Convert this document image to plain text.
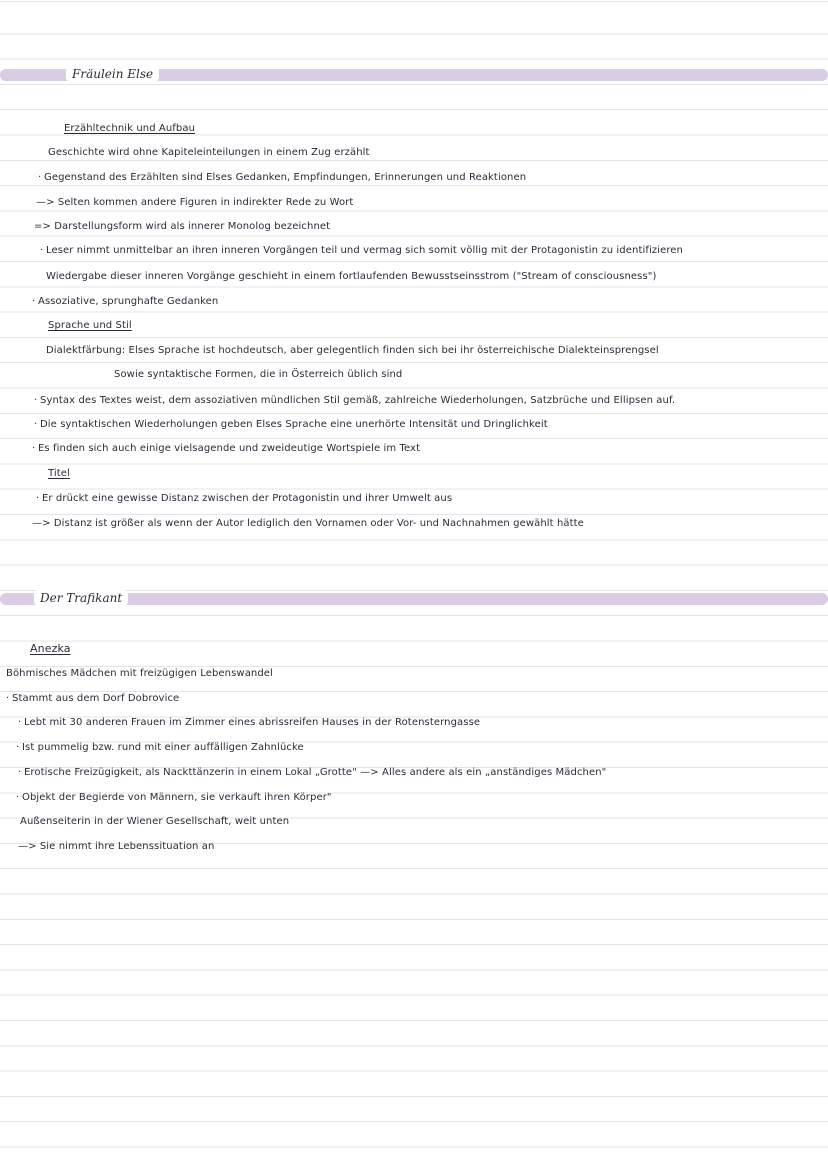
Fräulein Else
Erzähltechnik und Aufbau
Geschichte wird ohne Kapiteleinteilungen in einem Zug erzählt
· Gegenstand des Erzählten sind Elses Gedanken, Empfindungen, Erinnerungen und Reaktionen
—> Selten kommen andere Figuren in indirekter Rede zu Wort
=> Darstellungsform wird als innerer Monolog bezeichnet
· Leser nimmt unmittelbar an ihren inneren Vorgängen teil und vermag sich somit völlig mit der Protagonistin zu identifizieren
Wiedergabe dieser inneren Vorgänge geschieht in einem fortlaufenden Bewusstseinsstrom ("Stream of consciousness")
· Assoziative, sprunghafte Gedanken
Sprache und Stil
Dialektfärbung: Elses Sprache ist hochdeutsch, aber gelegentlich finden sich bei ihr österreichische Dialekteinsprengsel
Sowie syntaktische Formen, die in Österreich üblich sind
· Syntax des Textes weist, dem assoziativen mündlichen Stil gemäß, zahlreiche Wiederholungen, Satzbrüche und Ellipsen auf.
· Die syntaktischen Wiederholungen geben Elses Sprache eine unerhörte Intensität und Dringlichkeit
· Es finden sich auch einige vielsagende und zweideutige Wortspiele im Text
Titel
· Er drückt eine gewisse Distanz zwischen der Protagonistin und ihrer Umwelt aus
—> Distanz ist größer als wenn der Autor lediglich den Vornamen oder Vor- und Nachnahmen gewählt hätte
Der Trafikant
Anezka
Böhmisches Mädchen mit freizügigen Lebenswandel
· Stammt aus dem Dorf Dobrovice
· Lebt mit 30 anderen Frauen im Zimmer eines abrissreifen Hauses in der Rotensterngasse
· Ist pummelig bzw. rund mit einer auffälligen Zahnlücke
· Erotische Freizügigkeit, als Nackttänzerin in einem Lokal „Grotte" —> Alles andere als ein „anständiges Mädchen"
· Objekt der Begierde von Männern, sie verkauft ihren Körper"
Außenseiterin in der Wiener Gesellschaft, weit unten
—> Sie nimmt ihre Lebenssituation an
